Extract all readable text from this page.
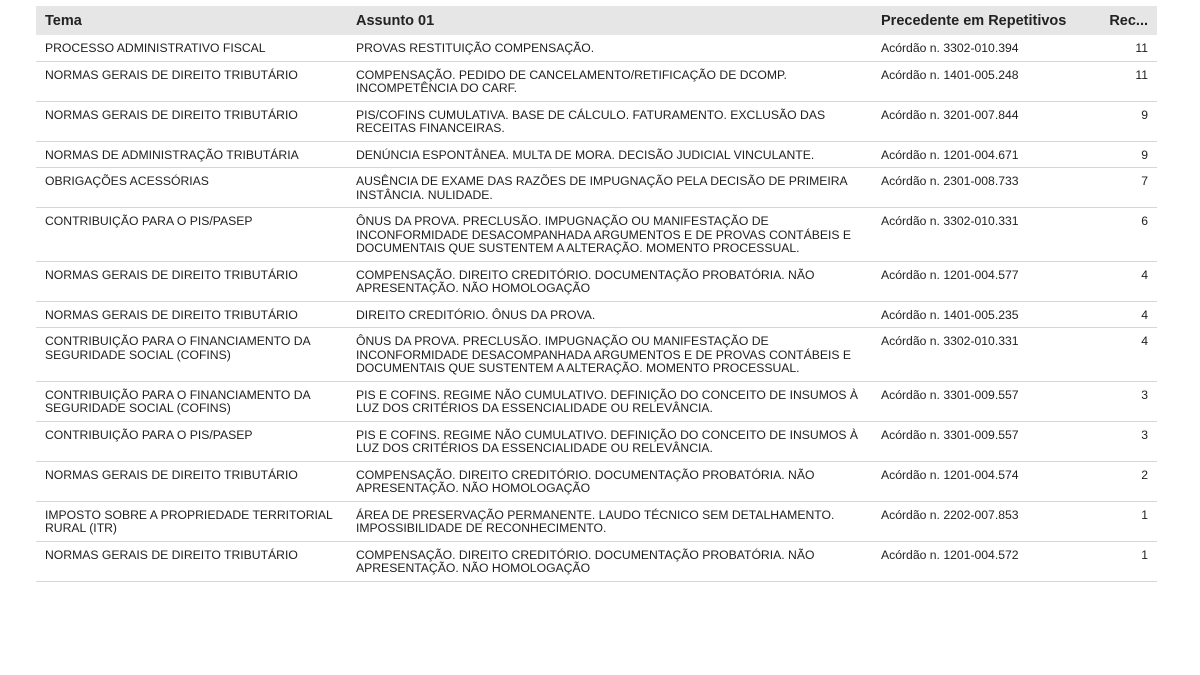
Tema	Assunto 01	Precedente em Repetitivos	Rec...
PROCESSO ADMINISTRATIVO FISCAL	PROVAS RESTITUIÇÃO COMPENSAÇÃO.	Acórdão n. 3302-010.394	11
NORMAS GERAIS DE DIREITO TRIBUTÁRIO	COMPENSAÇÃO. PEDIDO DE CANCELAMENTO/RETIFICAÇÃO DE DCOMP. INCOMPETÊNCIA DO CARF.	Acórdão n. 1401-005.248	11
NORMAS GERAIS DE DIREITO TRIBUTÁRIO	PIS/COFINS CUMULATIVA. BASE DE CÁLCULO. FATURAMENTO. EXCLUSÃO DAS RECEITAS FINANCEIRAS.	Acórdão n. 3201-007.844	9
NORMAS DE ADMINISTRAÇÃO TRIBUTÁRIA	DENÚNCIA ESPONTÂNEA. MULTA DE MORA. DECISÃO JUDICIAL VINCULANTE.	Acórdão n. 1201-004.671	9
OBRIGAÇÕES ACESSÓRIAS	AUSÊNCIA DE EXAME DAS RAZÕES DE IMPUGNAÇÃO PELA DECISÃO DE PRIMEIRA INSTÂNCIA. NULIDADE.	Acórdão n. 2301-008.733	7
CONTRIBUIÇÃO PARA O PIS/PASEP	ÔNUS DA PROVA. PRECLUSÃO. IMPUGNAÇÃO OU MANIFESTAÇÃO DE INCONFORMIDADE DESACOMPANHADA ARGUMENTOS E DE PROVAS CONTÁBEIS E DOCUMENTAIS QUE SUSTENTEM A ALTERAÇÃO. MOMENTO PROCESSUAL.	Acórdão n. 3302-010.331	6
NORMAS GERAIS DE DIREITO TRIBUTÁRIO	COMPENSAÇÃO. DIREITO CREDITÓRIO. DOCUMENTAÇÃO PROBATÓRIA. NÃO APRESENTAÇÃO. NÃO HOMOLOGAÇÃO	Acórdão n. 1201-004.577	4
NORMAS GERAIS DE DIREITO TRIBUTÁRIO	DIREITO CREDITÓRIO. ÔNUS DA PROVA.	Acórdão n. 1401-005.235	4
CONTRIBUIÇÃO PARA O FINANCIAMENTO DA SEGURIDADE SOCIAL (COFINS)	ÔNUS DA PROVA. PRECLUSÃO. IMPUGNAÇÃO OU MANIFESTAÇÃO DE INCONFORMIDADE DESACOMPANHADA ARGUMENTOS E DE PROVAS CONTÁBEIS E DOCUMENTAIS QUE SUSTENTEM A ALTERAÇÃO. MOMENTO PROCESSUAL.	Acórdão n. 3302-010.331	4
CONTRIBUIÇÃO PARA O FINANCIAMENTO DA SEGURIDADE SOCIAL (COFINS)	PIS E COFINS. REGIME NÃO CUMULATIVO. DEFINIÇÃO DO CONCEITO DE INSUMOS À LUZ DOS CRITÉRIOS DA ESSENCIALIDADE OU RELEVÂNCIA.	Acórdão n. 3301-009.557	3
CONTRIBUIÇÃO PARA O PIS/PASEP	PIS E COFINS. REGIME NÃO CUMULATIVO. DEFINIÇÃO DO CONCEITO DE INSUMOS À LUZ DOS CRITÉRIOS DA ESSENCIALIDADE OU RELEVÂNCIA.	Acórdão n. 3301-009.557	3
NORMAS GERAIS DE DIREITO TRIBUTÁRIO	COMPENSAÇÃO. DIREITO CREDITÓRIO. DOCUMENTAÇÃO PROBATÓRIA. NÃO APRESENTAÇÃO. NÃO HOMOLOGAÇÃO	Acórdão n. 1201-004.574	2
IMPOSTO SOBRE A PROPRIEDADE TERRITORIAL RURAL (ITR)	ÁREA DE PRESERVAÇÃO PERMANENTE. LAUDO TÉCNICO SEM DETALHAMENTO. IMPOSSIBILIDADE DE RECONHECIMENTO.	Acórdão n. 2202-007.853	1
NORMAS GERAIS DE DIREITO TRIBUTÁRIO	COMPENSAÇÃO. DIREITO CREDITÓRIO. DOCUMENTAÇÃO PROBATÓRIA. NÃO APRESENTAÇÃO. NÃO HOMOLOGAÇÃO	Acórdão n. 1201-004.572	1
